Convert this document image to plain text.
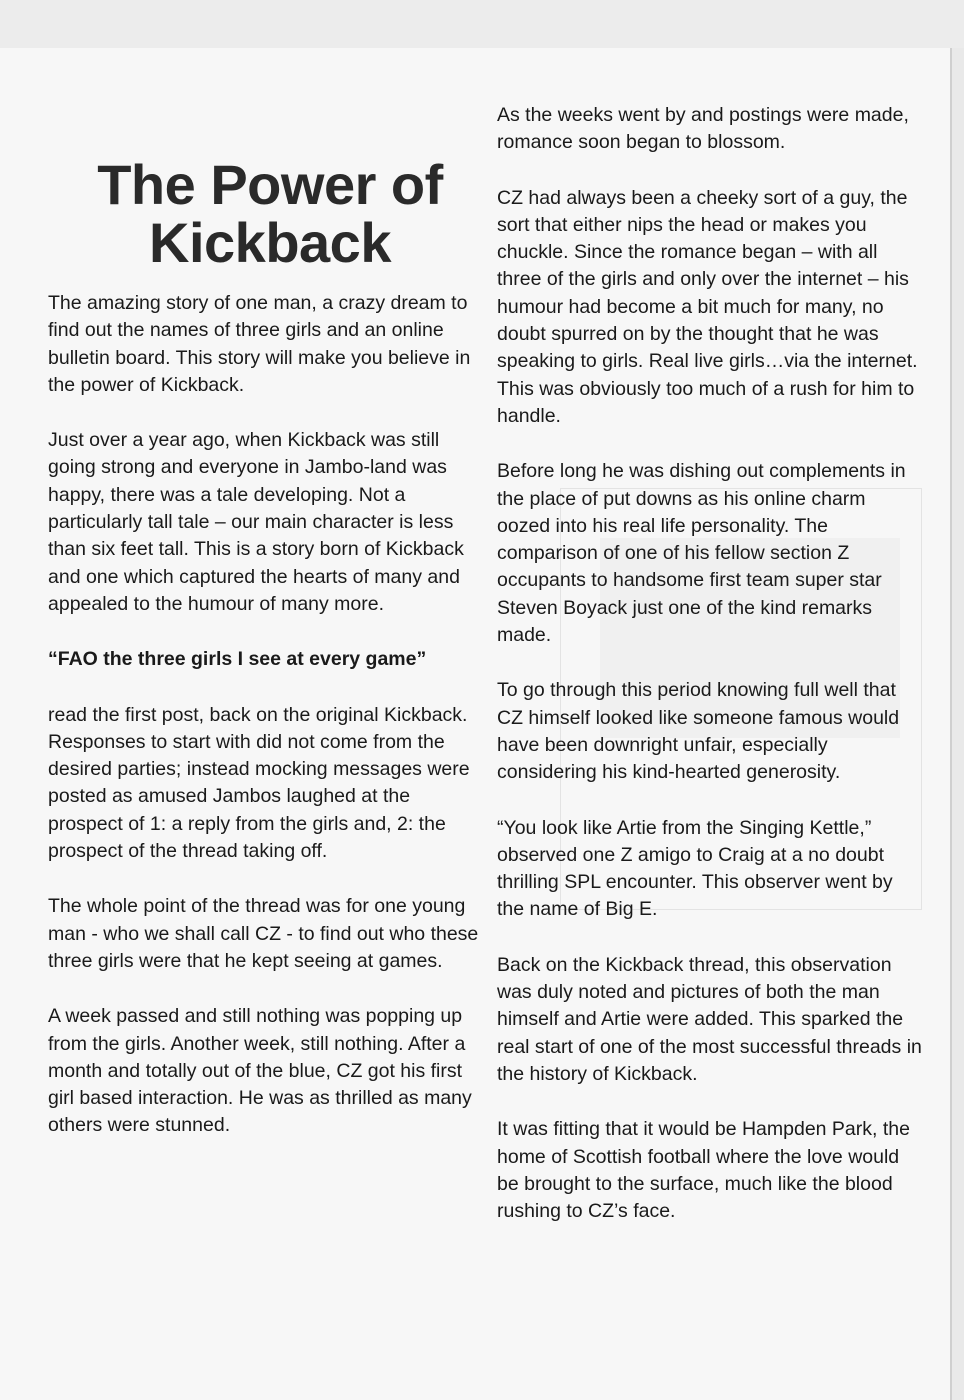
The Power of
Kickback

The amazing story of one man, a crazy dream to find out the names of three girls and an online bulletin board. This story will make you believe in the power of Kickback.

Just over a year ago, when Kickback was still going strong and everyone in Jambo-land was happy, there was a tale developing. Not a particularly tall tale – our main character is less than six feet tall. This is a story born of Kickback and one which captured the hearts of many and appealed to the humour of many more.

“FAO the three girls I see at every game”

read the first post, back on the original Kickback. Responses to start with did not come from the desired parties; instead mocking messages were posted as amused Jambos laughed at the prospect of 1: a reply from the girls and, 2: the prospect of the thread taking off.

The whole point of the thread was for one young man - who we shall call CZ - to find out who these three girls were that he kept seeing at games.

A week passed and still nothing was popping up from the girls. Another week, still nothing. After a month and totally out of the blue, CZ got his first girl based interaction. He was as thrilled as many others were stunned.

As the weeks went by and postings were made, romance soon began to blossom.

CZ had always been a cheeky sort of a guy, the sort that either nips the head or makes you chuckle. Since the romance began – with all three of the girls and only over the internet – his humour had become a bit much for many, no doubt spurred on by the thought that he was speaking to girls. Real live girls…via the internet. This was obviously too much of a rush for him to handle.

Before long he was dishing out complements in the place of put downs as his online charm oozed into his real life personality. The comparison of one of his fellow section Z occupants to handsome first team super star Steven Boyack just one of the kind remarks made.

To go through this period knowing full well that CZ himself looked like someone famous would have been downright unfair, especially considering his kind-hearted generosity.

“You look like Artie from the Singing Kettle,” observed one Z amigo to Craig at a no doubt thrilling SPL encounter. This observer went by the name of Big E.

Back on the Kickback thread, this observation was duly noted and pictures of both the man himself and Artie were added. This sparked the real start of one of the most successful threads in the history of Kickback.

It was fitting that it would be Hampden Park, the home of Scottish football where the love would be brought to the surface, much like the blood rushing to CZ’s face.
